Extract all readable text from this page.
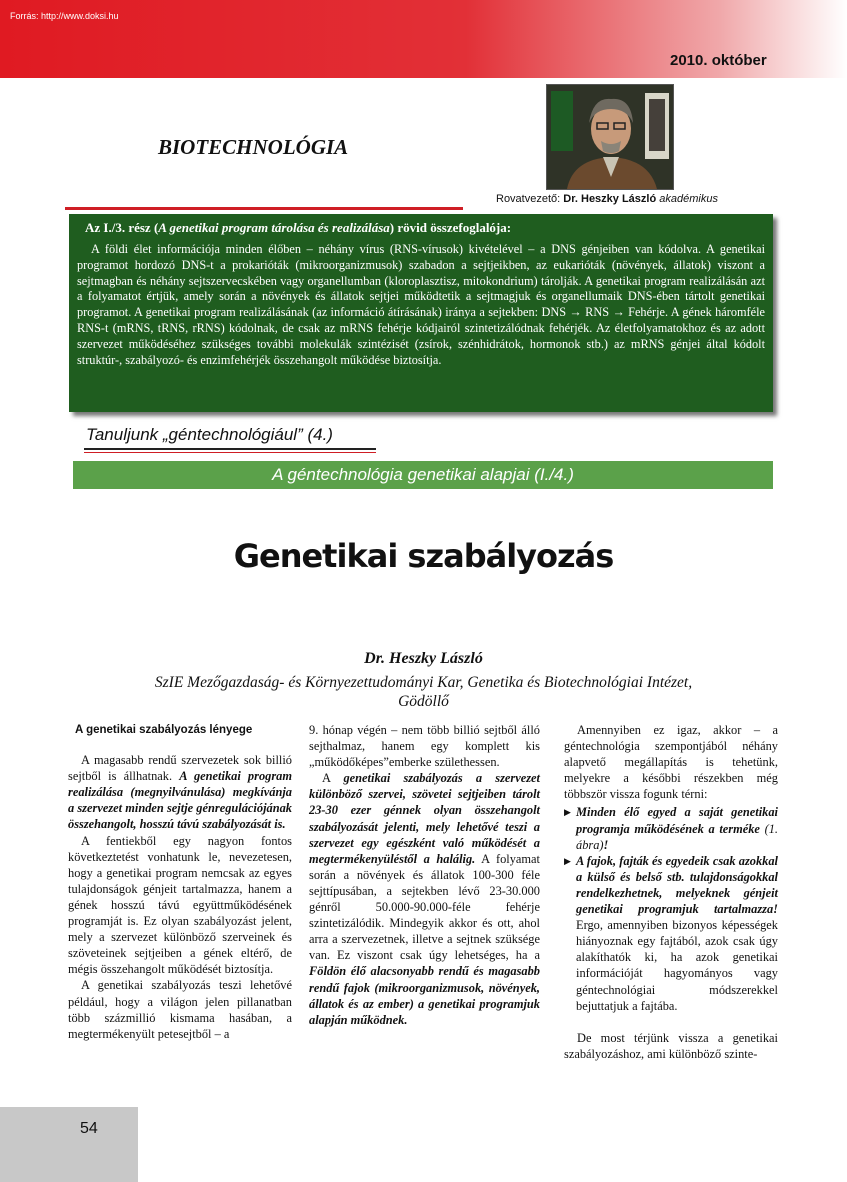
Forrás: http://www.doksi.hu
2010. október
BIOTECHNOLÓGIA
Rovatvezető: Dr. Heszky László akadémikus
Az I./3. rész (A genetikai program tárolása és realizálása) rövid összefoglalója:

A földi élet információja minden élőben – néhány vírus (RNS-vírusok) kivételével – a DNS génjeiben van kódolva. A genetikai programot hordozó DNS-t a prokarióták (mikroorganizmusok) szabadon a sejtjeikben, az eukarióták (növények, állatok) viszont a sejtmagban és néhány sejtszervecskében vagy organellumban (kloroplasztisz, mitokondrium) tárolják. A genetikai program realizálásán azt a folyamatot értjük, amely során a növények és állatok sejtjei működtetik a sejtmagjuk és organellumaik DNS-ében tártolt genetikai programot. A genetikai program realizálásának (az információ átírásának) iránya a sejtekben: DNS → RNS → Fehérje. A gének háromféle RNS-t (mRNS, tRNS, rRNS) kódolnak, de csak az mRNS fehérje kódjairól szintetizálódnak fehérjék. Az életfolyamatokhoz és az adott szervezet működéséhez szükséges további molekulák szintézisét (zsírok, szénhidrátok, hormonok stb.) az mRNS génjei által kódolt struktúr-, szabályozó- és enzimfehérjék összehangolt működése biztosítja.

Tanuljunk „géntechnológiául” (4.)
A géntechnológia genetikai alapjai (I./4.)
Genetikai szabályozás
Dr. Heszky László
SzIE Mezőgazdaság- és Környezettudományi Kar, Genetika és Biotechnológiai Intézet,
Gödöllő

A genetikai szabályozás lényege

A magasabb rendű szervezetek sok billió sejtből is állhatnak. A genetikai program realizálása (megnyilvánulása) megkívánja a szervezet minden sejtje génregulációjának összehangolt, hosszú távú szabályozását is.

A fentiekből egy nagyon fontos következtetést vonhatunk le, nevezetesen, hogy a genetikai program nemcsak az egyes tulajdonságok génjeit tartalmazza, hanem a gének hosszú távú együttműködésének programját is. Ez olyan szabályozást jelent, mely a szervezet különböző szerveinek és szöveteinek sejtjeiben a gének eltérő, de mégis összehangolt működését biztosítja.

A genetikai szabályozás teszi lehetővé például, hogy a világon jelen pillanatban több százmillió kismama hasában, a megtermékenyült petesejtből – a

9. hónap végén – nem több billió sejtből álló sejthalmaz, hanem egy komplett kis „működőképes”emberke születhessen.

A genetikai szabályozás a szervezet különböző szervei, szövetei sejtjeiben tárolt 23-30 ezer génnek olyan összehangolt szabályozását jelenti, mely lehetővé teszi a szervezet egy egészként való működését a megtermékenyüléstől a halálig. A folyamat során a növények és állatok 100-300 féle sejttípusában, a sejtekben lévő 23-30.000 génről 50.000-90.000-féle fehérje szintetizálódik. Mindegyik akkor és ott, ahol arra a szervezetnek, illetve a sejtnek szüksége van. Ez viszont csak úgy lehetséges, ha a Földön élő alacsonyabb rendű és magasabb rendű fajok (mikroorganizmusok, növények, állatok és az ember) a genetikai programjuk alapján működnek.

Amennyiben ez igaz, akkor – a géntechnológia szempontjából néhány alapvető megállapítás is tehetünk, melyekre a későbbi részekben még többször vissza fogunk térni:

▶ Minden élő egyed a saját genetikai programja működésének a terméke (1. ábra)!
▶ A fajok, fajták és egyedeik csak azokkal a külső és belső stb. tulajdonságokkal rendelkezhetnek, melyeknek génjeit genetikai programjuk tartalmazza! Ergo, amennyiben bizonyos képességek hiányoznak egy fajtából, azok csak úgy alakíthatók ki, ha azok genetikai információját hagyományos vagy géntechnológiai módszerekkel bejuttatjuk a fajtába.

De most térjünk vissza a genetikai szabályozáshoz, ami különböző szinte-

54
